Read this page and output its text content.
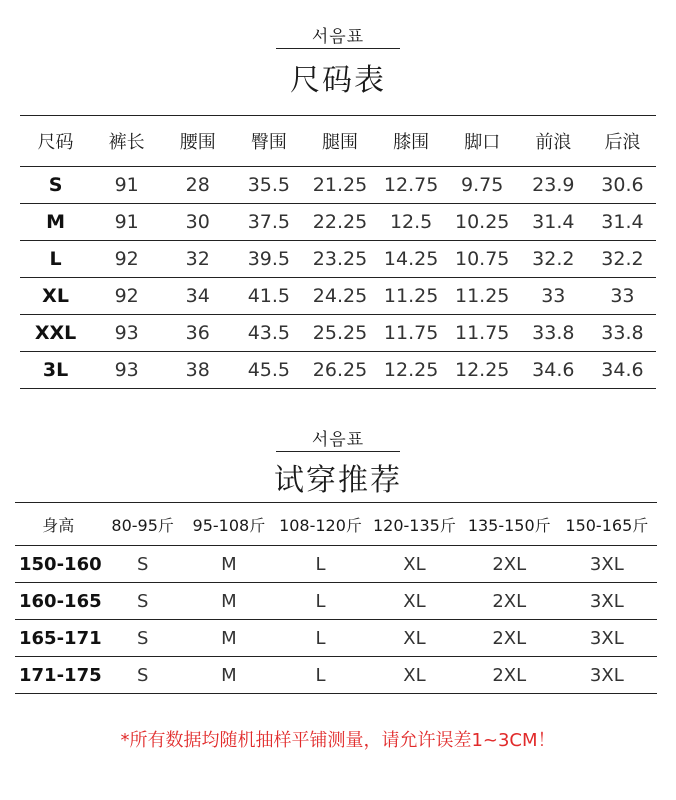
서음표
尺码表
尺码	裤长	腰围	臀围	腿围	膝围	脚口	前浪	后浪
S	91	28	35.5	21.25	12.75	9.75	23.9	30.6
M	91	30	37.5	22.25	12.5	10.25	31.4	31.4
L	92	32	39.5	23.25	14.25	10.75	32.2	32.2
XL	92	34	41.5	24.25	11.25	11.25	33	33
XXL	93	36	43.5	25.25	11.75	11.75	33.8	33.8
3L	93	38	45.5	26.25	12.25	12.25	34.6	34.6
서음표
试穿推荐
身高	80-95斤	95-108斤	108-120斤	120-135斤	135-150斤	150-165斤
150-160	S	M	L	XL	2XL	3XL
160-165	S	M	L	XL	2XL	3XL
165-171	S	M	L	XL	2XL	3XL
171-175	S	M	L	XL	2XL	3XL
*所有数据均随机抽样平铺测量，请允许误差1~3CM！
